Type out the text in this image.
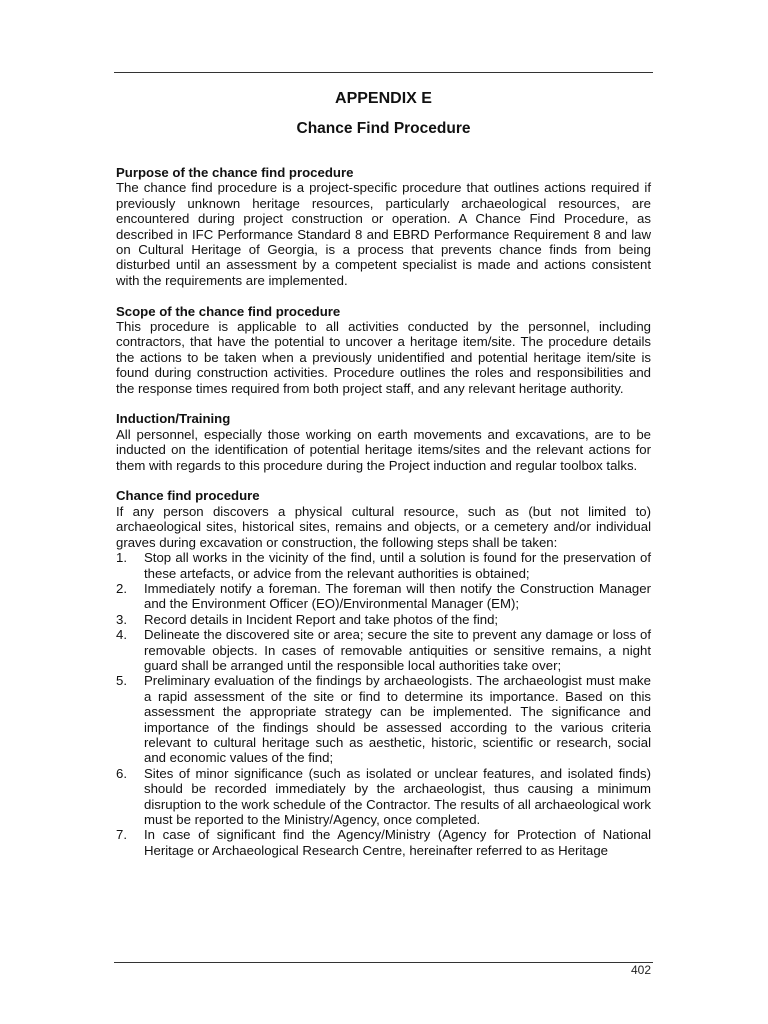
APPENDIX E
Chance Find Procedure

Purpose of the chance find procedure

The chance find procedure is a project-specific procedure that outlines actions required if previously unknown heritage resources, particularly archaeological resources, are encountered during project construction or operation. A Chance Find Procedure, as described in IFC Performance Standard 8 and EBRD Performance Requirement 8 and law on Cultural Heritage of Georgia, is a process that prevents chance finds from being disturbed until an assessment by a competent specialist is made and actions consistent with the requirements are implemented.

Scope of the chance find procedure

This procedure is applicable to all activities conducted by the personnel, including contractors, that have the potential to uncover a heritage item/site. The procedure details the actions to be taken when a previously unidentified and potential heritage item/site is found during construction activities. Procedure outlines the roles and responsibilities and the response times required from both project staff, and any relevant heritage authority.

Induction/Training

All personnel, especially those working on earth movements and excavations, are to be inducted on the identification of potential heritage items/sites and the relevant actions for them with regards to this procedure during the Project induction and regular toolbox talks.

Chance find procedure

If any person discovers a physical cultural resource, such as (but not limited to) archaeological sites, historical sites, remains and objects, or a cemetery and/or individual graves during excavation or construction, the following steps shall be taken:

1. Stop all works in the vicinity of the find, until a solution is found for the preservation of these artefacts, or advice from the relevant authorities is obtained;
2. Immediately notify a foreman. The foreman will then notify the Construction Manager and the Environment Officer (EO)/Environmental Manager (EM);
3. Record details in Incident Report and take photos of the find;
4. Delineate the discovered site or area; secure the site to prevent any damage or loss of removable objects. In cases of removable antiquities or sensitive remains, a night guard shall be arranged until the responsible local authorities take over;
5. Preliminary evaluation of the findings by archaeologists. The archaeologist must make a rapid assessment of the site or find to determine its importance. Based on this assessment the appropriate strategy can be implemented. The significance and importance of the findings should be assessed according to the various criteria relevant to cultural heritage such as aesthetic, historic, scientific or research, social and economic values of the find;
6. Sites of minor significance (such as isolated or unclear features, and isolated finds) should be recorded immediately by the archaeologist, thus causing a minimum disruption to the work schedule of the Contractor. The results of all archaeological work must be reported to the Ministry/Agency, once completed.
7. In case of significant find the Agency/Ministry (Agency for Protection of National Heritage or Archaeological Research Centre, hereinafter referred to as Heritage
402
